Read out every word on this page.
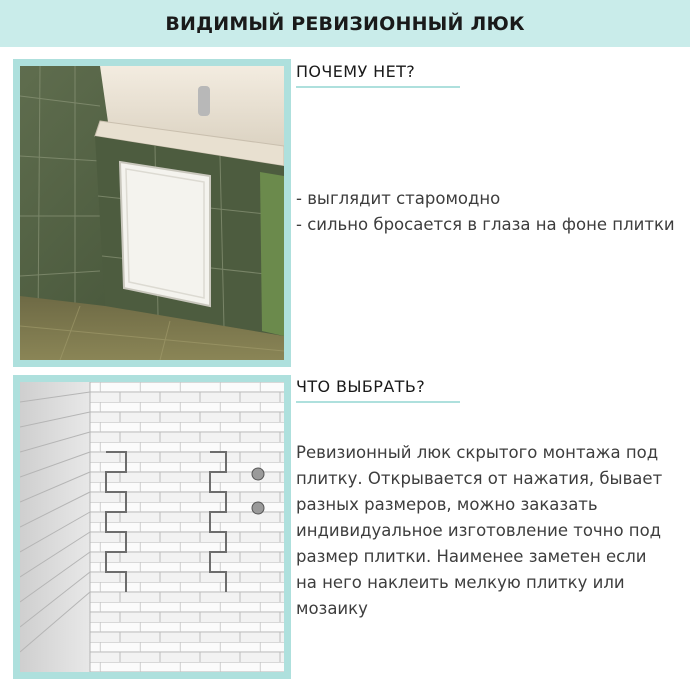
ВИДИМЫЙ РЕВИЗИОННЫЙ ЛЮК
ПОЧЕМУ НЕТ?

- выглядит старомодно

- сильно бросается в глаза на фоне плитки

ЧТО ВЫБРАТЬ?

Ревизионный люк скрытого монтажа под плитку. Открывается от нажатия, бывает разных размеров, можно заказать индивидуальное изготовление точно под размер плитки. Наименее заметен если на него наклеить мелкую плитку или мозаику
